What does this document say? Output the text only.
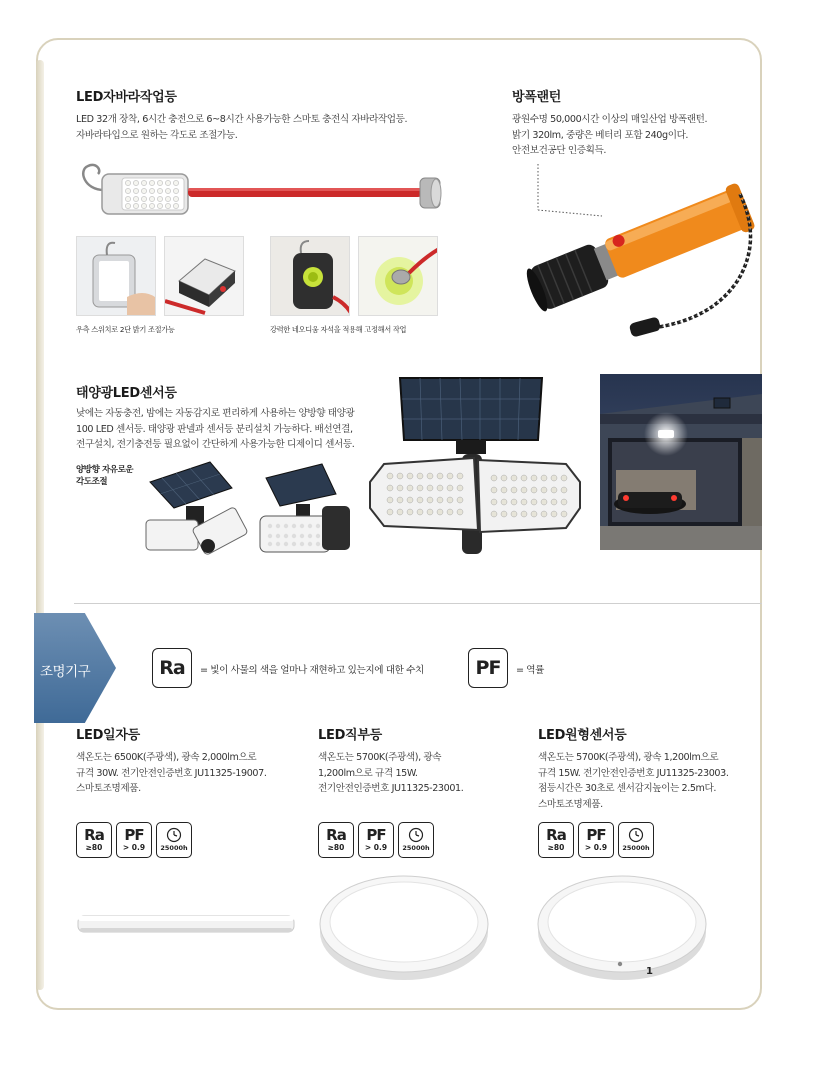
LED자바라작업등

LED 32개 장착, 6시간 충전으로 6~8시간 사용가능한 스마토 충전식 자바라작업등.
자바라타입으로 원하는 각도로 조절가능.

우측 스위치로 2단 밝기 조절가능	강력한 네오디움 자석을 적용해 고정해서 작업
방폭랜턴

광원수명 50,000시간 이상의 매일산업 방폭랜턴.
밝기 320lm, 중량은 베터리 포함 240g이다.
안전보건공단 인증획득.

태양광LED센서등

낮에는 자동충전, 밤에는 자동감지로 편리하게 사용하는 양방향 태양광
100 LED 센서등. 태양광 판넬과 센서등 분리설치 가능하다. 배선연결,
전구설치, 전기충전등 필요없이 간단하게 사용가능한 디제이디 센서등.

양방향 자유로운
각도조절
조명기구	Ra	= 빛이 사물의 색을 얼마나 재현하고 있는지에 대한 수치	PF	= 역률
LED일자등

색온도는 6500K(주광색), 광속 2,000lm으로
규격 30W. 전기안전인증번호 JU11325-19007.
스마토조명제품.

Ra
≥80
PF
> 0.9 25000h
LED직부등

색온도는 5700K(주광색), 광속
1,200lm으로 규격 15W.
전기안전인증번호 JU11325-23001.

Ra
≥80
PF
> 0.9 25000h
LED원형센서등

색온도는 5700K(주광색), 광속 1,200lm으로
규격 15W. 전기안전인증번호 JU11325-23003.
점등시간은 30초로 센서감지높이는 2.5m다.
스마토조명제품.

Ra
≥80
PF
> 0.9 25000h
1
